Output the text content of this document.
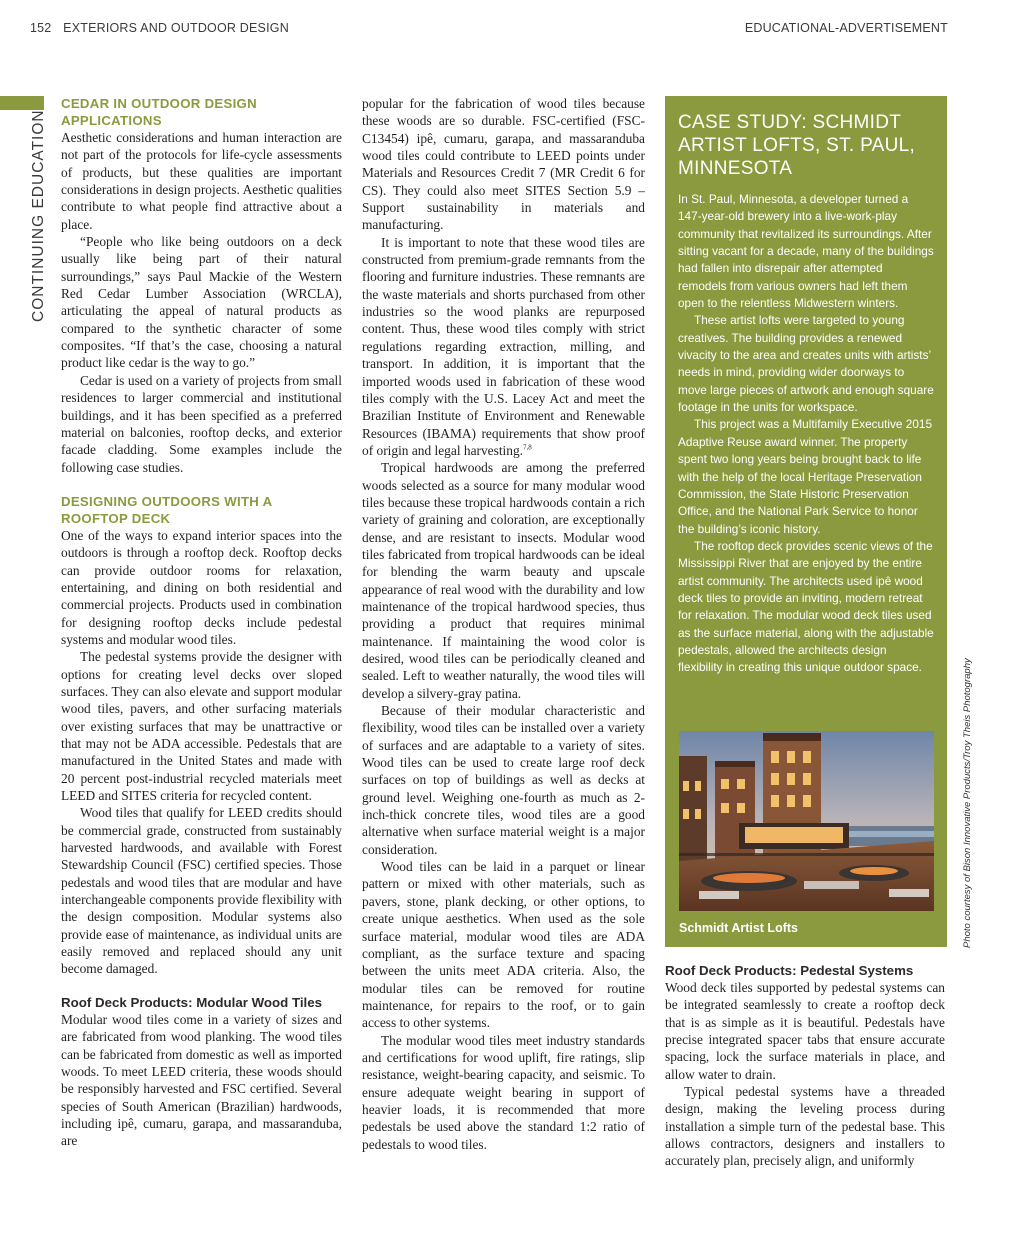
152 EXTERIORS AND OUTDOOR DESIGN	EDUCATIONAL-ADVERTISEMENT
CONTINUING EDUCATION
CEDAR IN OUTDOOR DESIGN APPLICATIONS

Aesthetic considerations and human interaction are not part of the protocols for life-cycle assessments of products, but these qualities are important considerations in design projects. Aesthetic qualities contribute to what people find attractive about a place.

“People who like being outdoors on a deck usually like being part of their natural surroundings,” says Paul Mackie of the Western Red Cedar Lumber Association (WRCLA), articulating the appeal of natural products as compared to the synthetic character of some composites. “If that’s the case, choosing a natural product like cedar is the way to go.”

Cedar is used on a variety of projects from small residences to larger commercial and institutional buildings, and it has been specified as a preferred material on balconies, rooftop decks, and exterior facade cladding. Some examples include the following case studies.

DESIGNING OUTDOORS WITH A ROOFTOP DECK

One of the ways to expand interior spaces into the outdoors is through a rooftop deck. Rooftop decks can provide outdoor rooms for relaxation, entertaining, and dining on both residential and commercial projects. Products used in combination for designing rooftop decks include pedestal systems and modular wood tiles.

The pedestal systems provide the designer with options for creating level decks over sloped surfaces. They can also elevate and support modular wood tiles, pavers, and other surfacing materials over existing surfaces that may be unattractive or that may not be ADA accessible. Pedestals that are manufactured in the United States and made with 20 percent post-industrial recycled materials meet LEED and SITES criteria for recycled content.

Wood tiles that qualify for LEED credits should be commercial grade, constructed from sustainably harvested hardwoods, and available with Forest Stewardship Council (FSC) certified species. Those pedestals and wood tiles that are modular and have interchangeable components provide flexibility with the design composition. Modular systems also provide ease of maintenance, as individual units are easily removed and replaced should any unit become damaged.

Roof Deck Products: Modular Wood Tiles

Modular wood tiles come in a variety of sizes and are fabricated from wood planking. The wood tiles can be fabricated from domestic as well as imported woods. To meet LEED criteria, these woods should be responsibly harvested and FSC certified. Several species of South American (Brazilian) hardwoods, including ipê, cumaru, garapa, and massaranduba, are

popular for the fabrication of wood tiles because these woods are so durable. FSC-certified (FSC-C13454) ipê, cumaru, garapa, and massaranduba wood tiles could contribute to LEED points under Materials and Resources Credit 7 (MR Credit 6 for CS). They could also meet SITES Section 5.9 – Support sustainability in materials and manufacturing.

It is important to note that these wood tiles are constructed from premium-grade remnants from the flooring and furniture industries. These remnants are the waste materials and shorts purchased from other industries so the wood planks are repurposed content. Thus, these wood tiles comply with strict regulations regarding extraction, milling, and transport. In addition, it is important that the imported woods used in fabrication of these wood tiles comply with the U.S. Lacey Act and meet the Brazilian Institute of Environment and Renewable Resources (IBAMA) requirements that show proof of origin and legal harvesting.$^{7,8}$

Tropical hardwoods are among the preferred woods selected as a source for many modular wood tiles because these tropical hardwoods contain a rich variety of graining and coloration, are exceptionally dense, and are resistant to insects. Modular wood tiles fabricated from tropical hardwoods can be ideal for blending the warm beauty and upscale appearance of real wood with the durability and low maintenance of the tropical hardwood species, thus providing a product that requires minimal maintenance. If maintaining the wood color is desired, wood tiles can be periodically cleaned and sealed. Left to weather naturally, the wood tiles will develop a silvery-gray patina.

Because of their modular characteristic and flexibility, wood tiles can be installed over a variety of surfaces and are adaptable to a variety of sites. Wood tiles can be used to create large roof deck surfaces on top of buildings as well as decks at ground level. Weighing one-fourth as much as 2-inch-thick concrete tiles, wood tiles are a good alternative when surface material weight is a major consideration.

Wood tiles can be laid in a parquet or linear pattern or mixed with other materials, such as pavers, stone, plank decking, or other options, to create unique aesthetics. When used as the sole surface material, modular wood tiles are ADA compliant, as the surface texture and spacing between the units meet ADA criteria. Also, the modular tiles can be removed for routine maintenance, for repairs to the roof, or to gain access to other systems.

The modular wood tiles meet industry standards and certifications for wood uplift, fire ratings, slip resistance, weight-bearing capacity, and seismic. To ensure adequate weight bearing in support of heavier loads, it is recommended that more pedestals be used above the standard 1:2 ratio of pedestals to wood tiles.

CASE STUDY: SCHMIDT ARTIST LOFTS, ST. PAUL, MINNESOTA

In St. Paul, Minnesota, a developer turned a 147-year-old brewery into a live-work-play community that revitalized its surroundings. After sitting vacant for a decade, many of the buildings had fallen into disrepair after attempted remodels from various owners had left them open to the relentless Midwestern winters.

These artist lofts were targeted to young creatives. The building provides a renewed vivacity to the area and creates units with artists’ needs in mind, providing wider doorways to move large pieces of artwork and enough square footage in the units for workspace.

This project was a Multifamily Executive 2015 Adaptive Reuse award winner. The property spent two long years being brought back to life with the help of the local Heritage Preservation Commission, the State Historic Preservation Office, and the National Park Service to honor the building’s iconic history.

The rooftop deck provides scenic views of the Mississippi River that are enjoyed by the entire artist community. The architects used ipê wood deck tiles to provide an inviting, modern retreat for relaxation. The modular wood deck tiles used as the surface material, along with the adjustable pedestals, allowed the architects design flexibility in creating this unique outdoor space.

Schmidt Artist Lofts	Photo courtesy of Bison Innovative Products/Troy Theis Photography
Roof Deck Products: Pedestal Systems

Wood deck tiles supported by pedestal systems can be integrated seamlessly to create a rooftop deck that is as simple as it is beautiful. Pedestals have precise integrated spacer tabs that ensure accurate spacing, lock the surface materials in place, and allow water to drain.

Typical pedestal systems have a threaded design, making the leveling process during installation a simple turn of the pedestal base. This allows contractors, designers and installers to accurately plan, precisely align, and uniformly
